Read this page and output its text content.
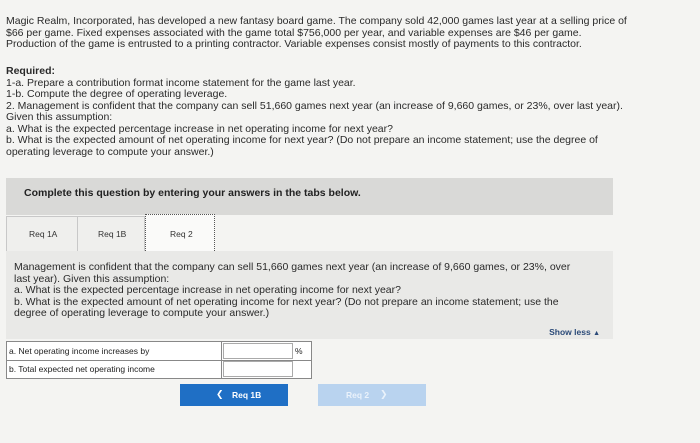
Magic Realm, Incorporated, has developed a new fantasy board game. The company sold 42,000 games last year at a selling price of
$66 per game. Fixed expenses associated with the game total $756,000 per year, and variable expenses are $46 per game.
Production of the game is entrusted to a printing contractor. Variable expenses consist mostly of payments to this contractor.
Required:
1-a. Prepare a contribution format income statement for the game last year.
1-b. Compute the degree of operating leverage.
2. Management is confident that the company can sell 51,660 games next year (an increase of 9,660 games, or 23%, over last year).
Given this assumption:
a. What is the expected percentage increase in net operating income for next year?
b. What is the expected amount of net operating income for next year? (Do not prepare an income statement; use the degree of
operating leverage to compute your answer.)
Complete this question by entering your answers in the tabs below.
Req 1A	Req 1B	Req 2
Management is confident that the company can sell 51,660 games next year (an increase of 9,660 games, or 23%, over
last year). Given this assumption:
a. What is the expected percentage increase in net operating income for next year?
b. What is the expected amount of net operating income for next year? (Do not prepare an income statement; use the
degree of operating leverage to compute your answer.)
Show less ▲
a. Net operating income increases by	%
b. Total expected net operating income
❮ Req 1B	Req 2 ❯
